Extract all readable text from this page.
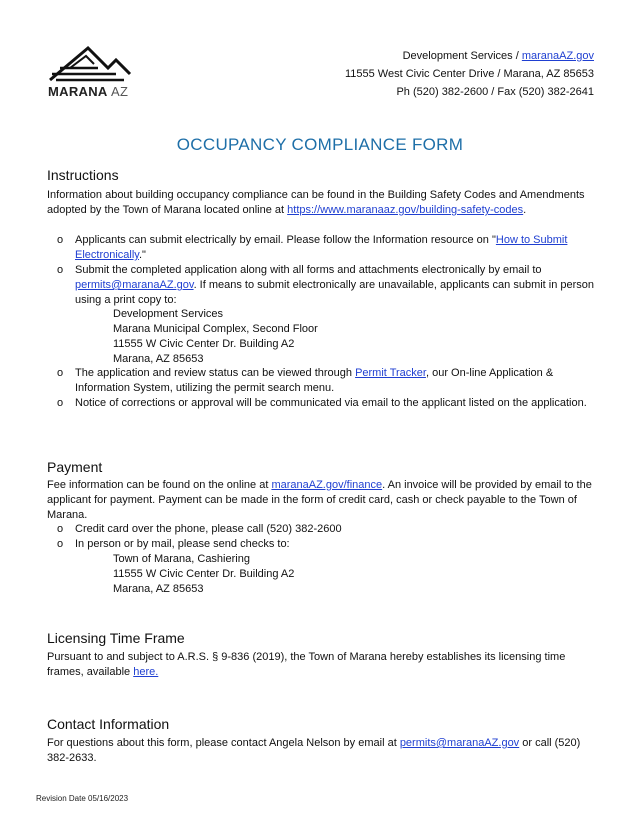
MARANA AZ
Development Services / maranaAZ.gov
11555 West Civic Center Drive / Marana, AZ 85653
Ph (520) 382-2600 / Fax (520) 382-2641
OCCUPANCY COMPLIANCE FORM
Instructions
Information about building occupancy compliance can be found in the Building Safety Codes and Amendments adopted by the Town of Marana located online at https://www.maranaaz.gov/building-safety-codes.
o Applicants can submit electrically by email. Please follow the Information resource on "How to Submit Electronically."
o Submit the completed application along with all forms and attachments electronically by email to permits@maranaAZ.gov. If means to submit electronically are unavailable, applicants can submit in person using a print copy to:
Development Services
Marana Municipal Complex, Second Floor
11555 W Civic Center Dr. Building A2
Marana, AZ 85653
o The application and review status can be viewed through Permit Tracker, our On-line Application & Information System, utilizing the permit search menu.
o Notice of corrections or approval will be communicated via email to the applicant listed on the application.
Payment
Fee information can be found on the online at maranaAZ.gov/finance. An invoice will be provided by email to the applicant for payment. Payment can be made in the form of credit card, cash or check payable to the Town of Marana.
o Credit card over the phone, please call (520) 382-2600
o In person or by mail, please send checks to:
Town of Marana, Cashiering
11555 W Civic Center Dr. Building A2
Marana, AZ 85653
Licensing Time Frame
Pursuant to and subject to A.R.S. § 9-836 (2019), the Town of Marana hereby establishes its licensing time frames, available here.
Contact Information
For questions about this form, please contact Angela Nelson by email at permits@maranaAZ.gov or call (520) 382-2633.
Revision Date 05/16/2023
